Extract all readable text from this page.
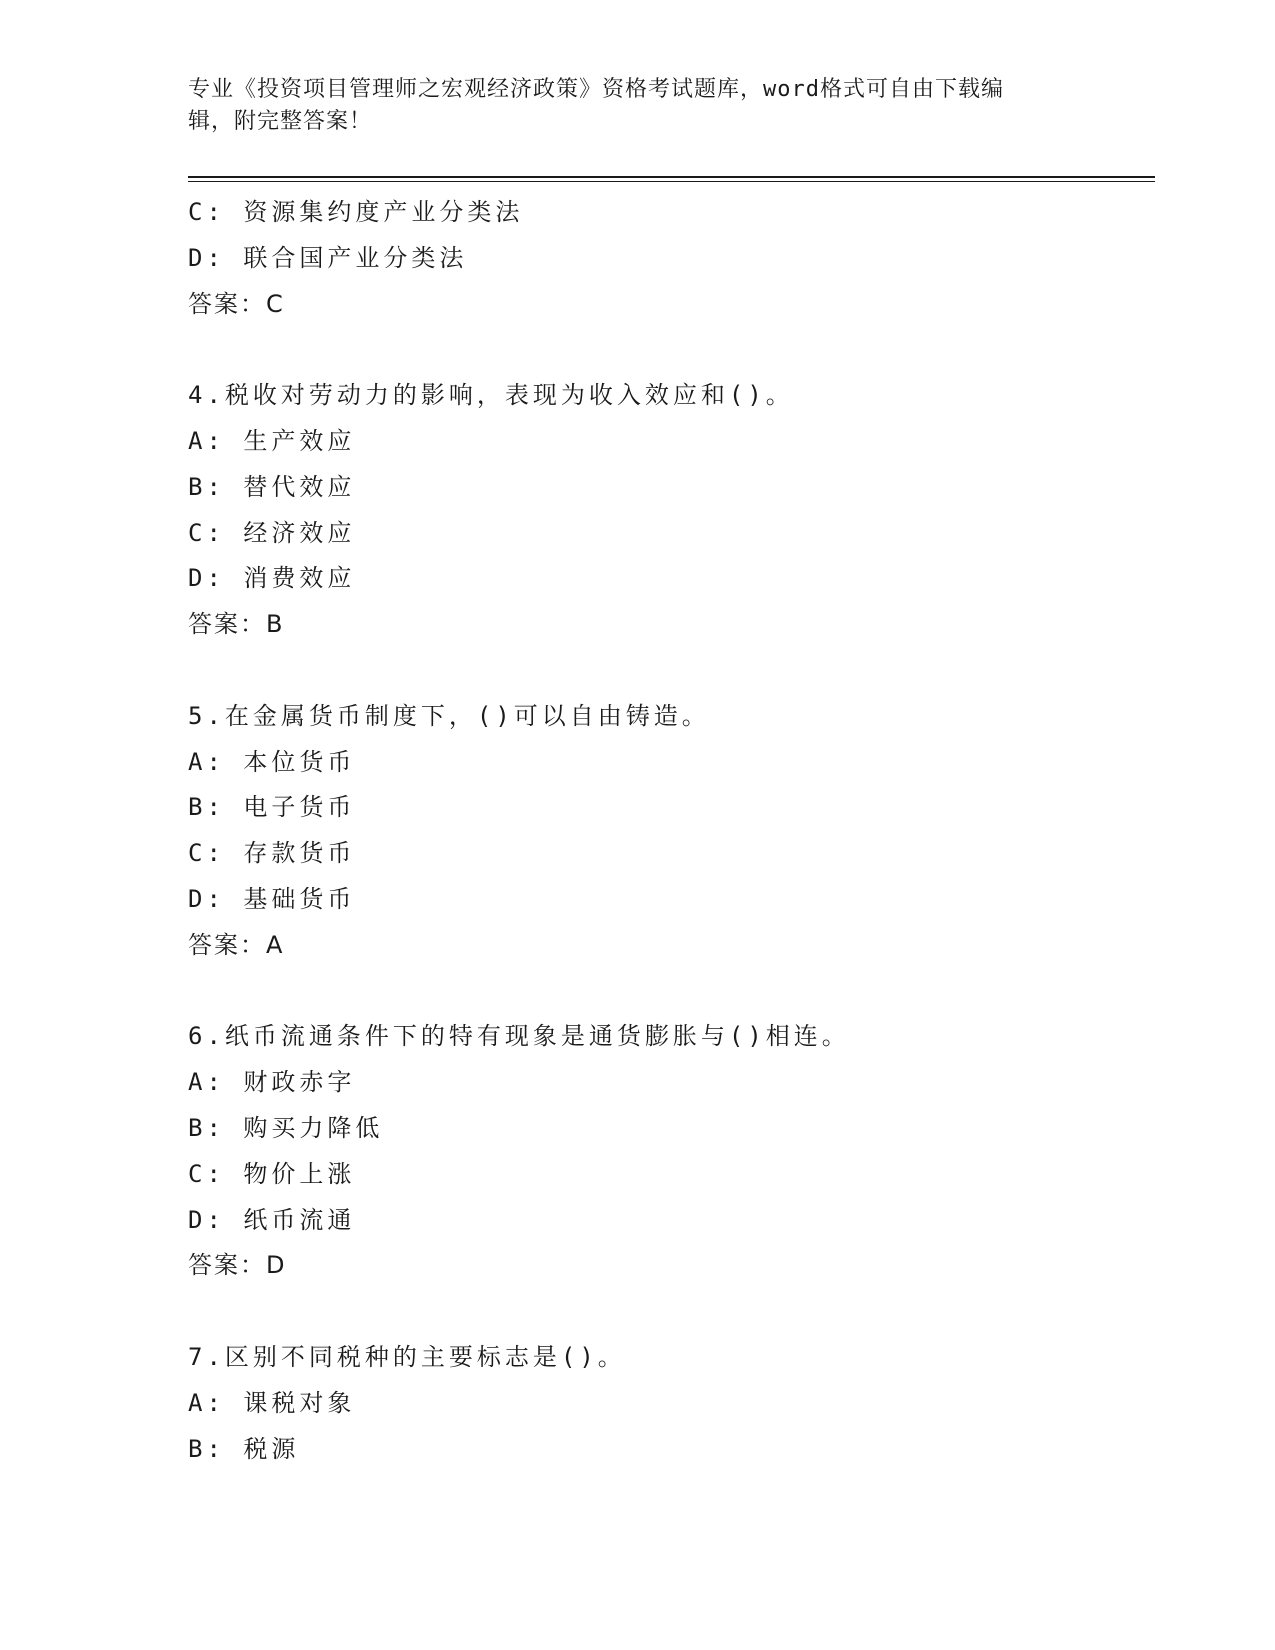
专业《投资项目管理师之宏观经济政策》资格考试题库，word格式可自由下载编
辑，附完整答案！
C: 资源集约度产业分类法
D: 联合国产业分类法
答案：C
4.税收对劳动力的影响，表现为收入效应和()。
A: 生产效应
B: 替代效应
C: 经济效应
D: 消费效应
答案：B
5.在金属货币制度下，()可以自由铸造。
A: 本位货币
B: 电子货币
C: 存款货币
D: 基础货币
答案：A
6.纸币流通条件下的特有现象是通货膨胀与()相连。
A: 财政赤字
B: 购买力降低
C: 物价上涨
D: 纸币流通
答案：D
7.区别不同税种的主要标志是()。
A: 课税对象
B: 税源
